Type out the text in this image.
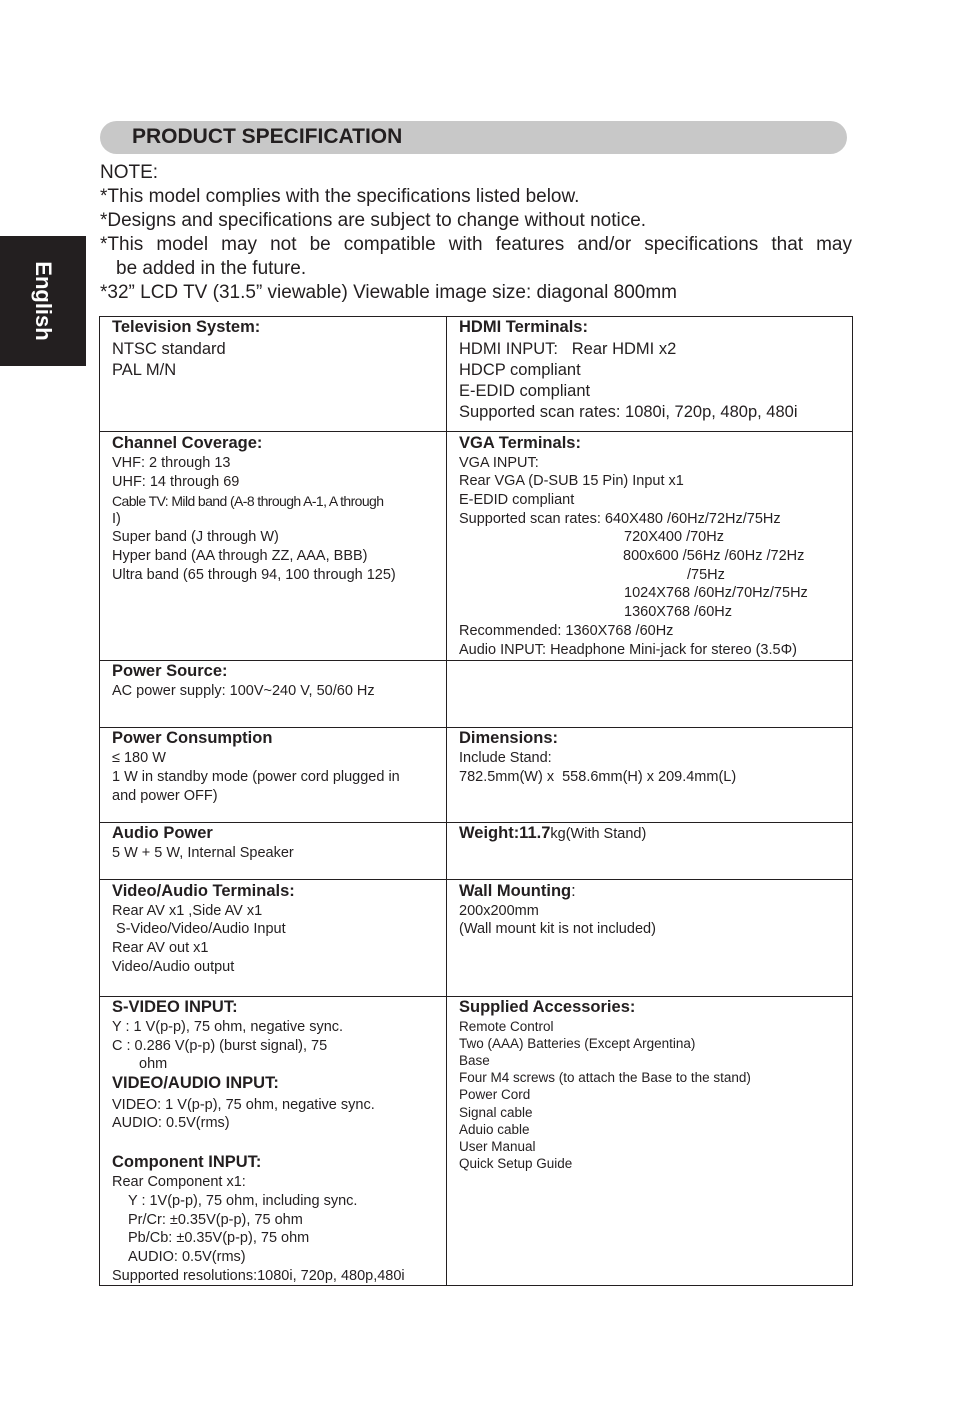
English
PRODUCT SPECIFICATION
NOTE:
*This model complies with the specifications listed below.
*Designs and specifications are subject to change without notice.
*This model may not be compatible with features and/or specifications that may
be added in the future.
*32” LCD TV (31.5” viewable) Viewable image size: diagonal 800mm
Television System:
NTSC standard
PAL M/N
HDMI Terminals:
HDMI INPUT:   Rear HDMI x2
HDCP compliant
E-EDID compliant
Supported scan rates: 1080i, 720p, 480p, 480i
Channel Coverage:
VHF: 2 through 13
UHF: 14 through 69
Cable TV: Mild band (A-8 through A-1, A through
I)
Super band (J through W)
Hyper band (AA through ZZ, AAA, BBB)
Ultra band (65 through 94, 100 through 125)
VGA Terminals:
VGA INPUT:
Rear VGA (D-SUB 15 Pin) Input x1
E-EDID compliant
Supported scan rates: 640X480 /60Hz/72Hz/75Hz
720X400 /70Hz
800x600 /56Hz /60Hz /72Hz
/75Hz
1024X768 /60Hz/70Hz/75Hz
1360X768 /60Hz
Recommended: 1360X768 /60Hz
Audio INPUT: Headphone Mini-jack for stereo (3.5Φ)
Power Source:
AC power supply: 100V~240 V, 50/60 Hz
Power Consumption
≤ 180 W
1 W in standby mode (power cord plugged in
and power OFF)
Dimensions:
Include Stand:
782.5mm(W) x  558.6mm(H) x 209.4mm(L)
Audio Power
5 W + 5 W, Internal Speaker
Weight:11.7kg(With Stand)
Video/Audio Terminals:
Rear AV x1 ,Side AV x1
S-Video/Video/Audio Input
Rear AV out x1
Video/Audio output
Wall Mounting:
200x200mm
(Wall mount kit is not included)
S-VIDEO INPUT:
Y : 1 V(p-p), 75 ohm, negative sync.
C : 0.286 V(p-p) (burst signal), 75
ohm
VIDEO/AUDIO INPUT:
VIDEO: 1 V(p-p), 75 ohm, negative sync.
AUDIO: 0.5V(rms)
Component INPUT:
Rear Component x1:
Y : 1V(p-p), 75 ohm, including sync.
Pr/Cr: ±0.35V(p-p), 75 ohm
Pb/Cb: ±0.35V(p-p), 75 ohm
AUDIO: 0.5V(rms)
Supported resolutions:1080i, 720p, 480p,480i
Supplied Accessories:
Remote Control
Two (AAA) Batteries (Except Argentina)
Base
Four M4 screws (to attach the Base to the stand)
Power Cord
Signal cable
Aduio cable
User Manual
Quick Setup Guide
